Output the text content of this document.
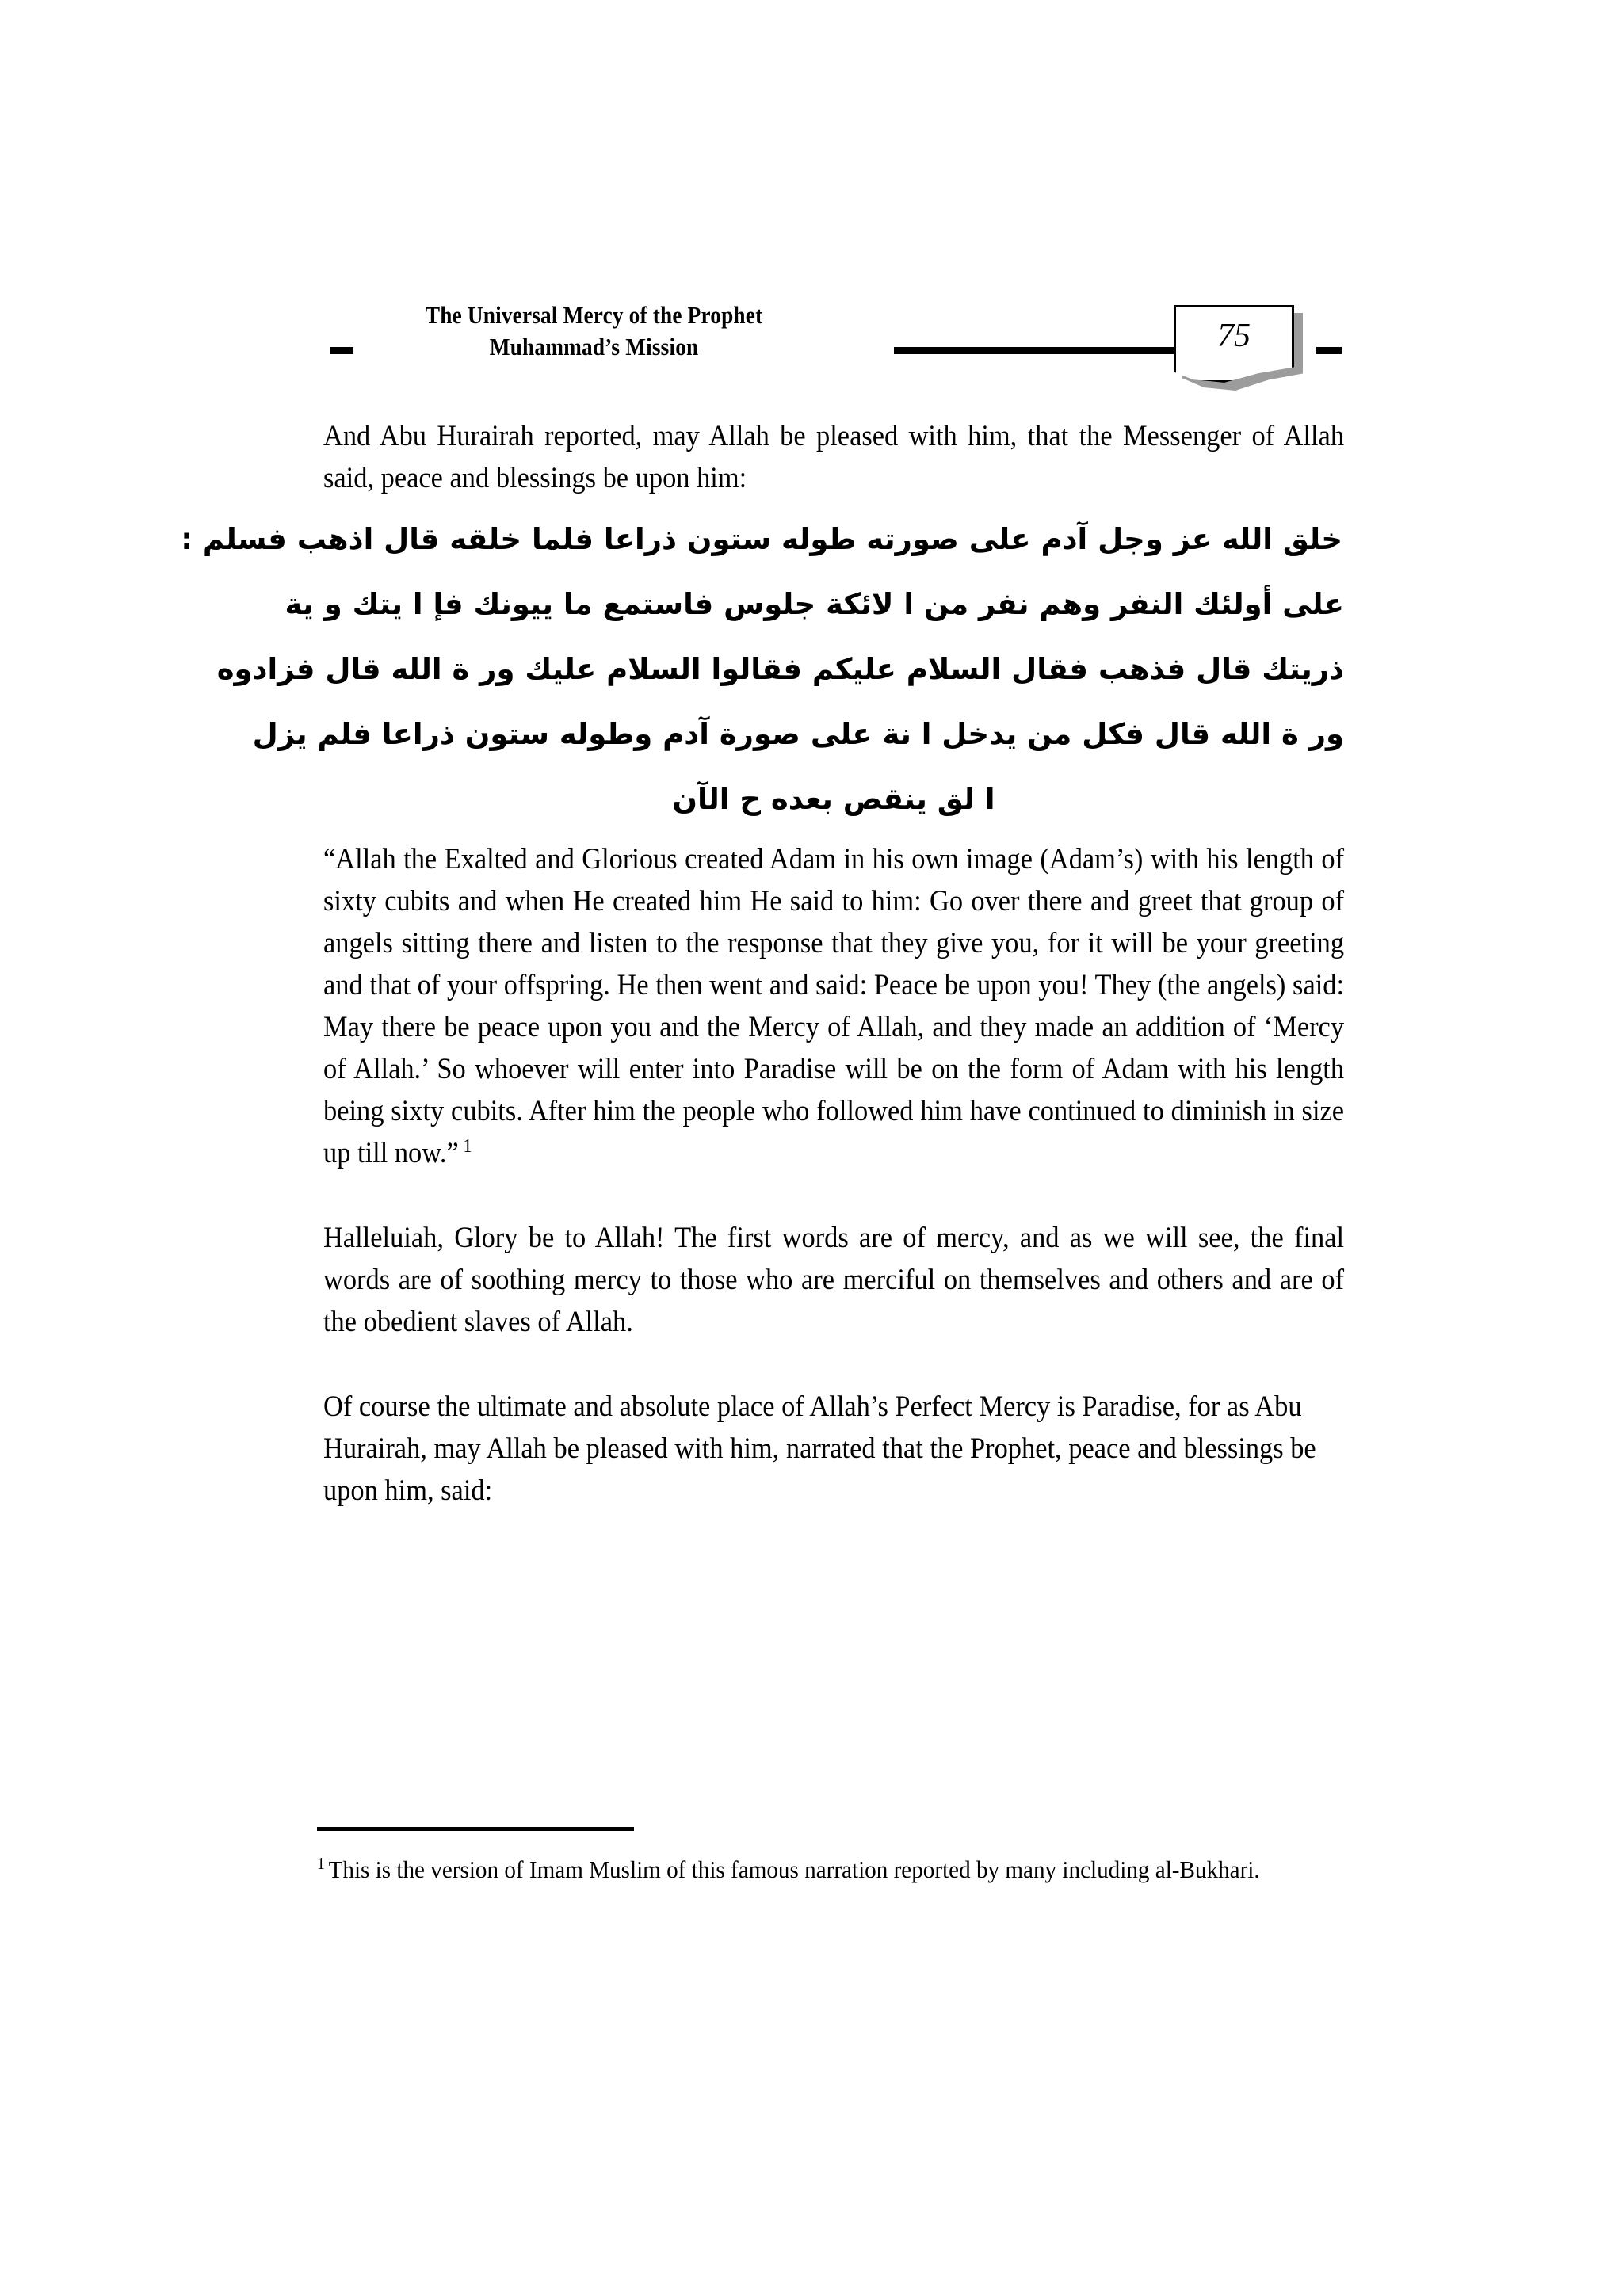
The Universal Mercy of the Prophet
Muhammad’s Mission	75

And Abu Hurairah reported, may Allah be pleased with him, that the Messenger of Allah said, peace and blessings be upon him:

خلق الله عز وجل آدم على صورته طوله ستون ذراعا فلما خلقه قال اذهب فسلم :
على أولئك النفر وهم نفر من ا لائكة جلوس فاستمع ما ييونك فإ ا يتك و ية
ذريتك قال فذهب فقال السلام عليكم فقالوا السلام عليك ور ة الله قال فزادوه
ور ة الله قال فكل من يدخل ا نة على صورة آدم وطوله ستون ذراعا فلم يزل
ا لق ينقص بعده ح الآن

“Allah the Exalted and Glorious created Adam in his own image (Adam’s) with his length of sixty cubits and when He created him He said to him: Go over there and greet that group of angels sitting there and listen to the response that they give you, for it will be your greeting and that of your offspring. He then went and said: Peace be upon you! They (the angels) said: May there be peace upon you and the Mercy of Allah, and they made an addition of ‘Mercy of Allah.’ So whoever will enter into Paradise will be on the form of Adam with his length being sixty cubits. After him the people who followed him have continued to diminish in size up till now.” $^1$

Halleluiah, Glory be to Allah! The first words are of mercy, and as we will see, the final words are of soothing mercy to those who are merciful on themselves and others and are of the obedient slaves of Allah.

Of course the ultimate and absolute place of Allah’s Perfect Mercy is Paradise, for as Abu Hurairah, may Allah be pleased with him, narrated that the Prophet, peace and blessings be upon him, said:

$^1$ This is the version of Imam Muslim of this famous narration reported by many including al-Bukhari.
